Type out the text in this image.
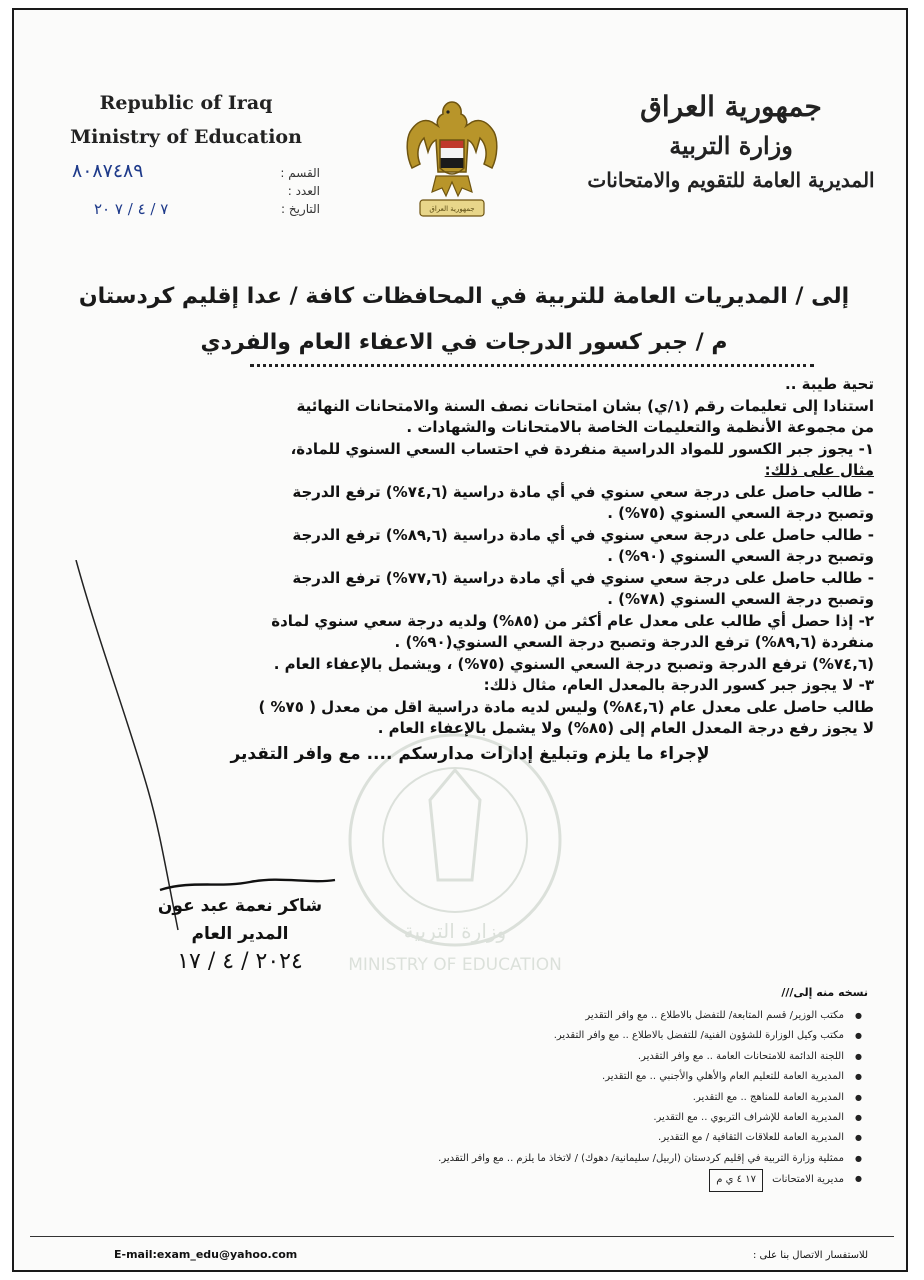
Republic of Iraq
Ministry of Education
القسم :
٨٠٨٧٤٨٩
العدد :
التاريخ :
٧ / ٤ / ٧ ٢٠	جمهورية العراق
جمهورية العراق
وزارة التربية
المديرية العامة للتقويم والامتحانات
وزارة التربية
MINISTRY OF EDUCATION
إلى / المديريات العامة للتربية في المحافظات كافة / عدا إقليم كردستان
م / جبر كسور الدرجات في الاعفاء العام والفردي
تحية طيبة ..
استنادا إلى تعليمات رقم (١/ي) بشان امتحانات نصف السنة والامتحانات النهائية
من مجموعة الأنظمة والتعليمات الخاصة بالامتحانات والشهادات .
١- يجوز جبر الكسور للمواد الدراسية منفردة في احتساب السعي السنوي للمادة،
مثال على ذلك:
- طالب حاصل على درجة سعي سنوي في أي مادة دراسية (٧٤,٦%) ترفع الدرجة
وتصبح درجة السعي السنوي (٧٥%) .
- طالب حاصل على درجة سعي سنوي في أي مادة دراسية (٨٩,٦%) ترفع الدرجة
وتصبح درجة السعي السنوي (٩٠%) .
- طالب حاصل على درجة سعي سنوي في أي مادة دراسية (٧٧,٦%) ترفع الدرجة
وتصبح درجة السعي السنوي (٧٨%) .
٢- إذا حصل أي طالب على معدل عام أكثر من (٨٥%) ولديه درجة سعي سنوي لمادة
منفردة (٨٩,٦%) ترفع الدرجة وتصبح درجة السعي السنوي(٩٠%) .
(٧٤,٦%) ترفع الدرجة وتصبح درجة السعي السنوي (٧٥%) ، ويشمل بالإعفاء العام .
٣- لا يجوز جبر كسور الدرجة بالمعدل العام، مثال ذلك:
طالب حاصل على معدل عام (٨٤,٦%) وليس لديه مادة دراسية اقل من معدل ( ٧٥% )
لا يجوز رفع درجة المعدل العام إلى (٨٥%) ولا يشمل بالإعفاء العام .
لإجراء ما يلزم وتبليغ إدارات مدارسكم .... مع وافر التقدير
شاكر نعمة عبد عون
المدير العام
٢٠٢٤ / ٤ / ١٧
نسخه منه إلى///
● مكتب الوزير/ قسم المتابعة/ للتفضل بالاطلاع .. مع وافر التقدير
● مكتب وكيل الوزارة للشؤون الفنية/ للتفضل بالاطلاع .. مع وافر التقدير.
● اللجنة الدائمة للامتحانات العامة .. مع وافر التقدير.
● المديرية العامة للتعليم العام والأهلي والأجنبي .. مع التقدير.
● المديرية العامة للمناهج .. مع التقدير.
● المديرية العامة للإشراف التربوي .. مع التقدير.
● المديرية العامة للعلاقات الثقافية / مع التقدير.
● ممثلية وزارة التربية في إقليم كردستان (اربيل/ سليمانية/ دهوك) / لاتخاذ ما يلزم .. مع وافر التقدير.
● مديرية الامتحانات ١٧ ٤ ي م
E-mail:exam_edu@yahoo.com	للاستفسار الاتصال بنا على :
